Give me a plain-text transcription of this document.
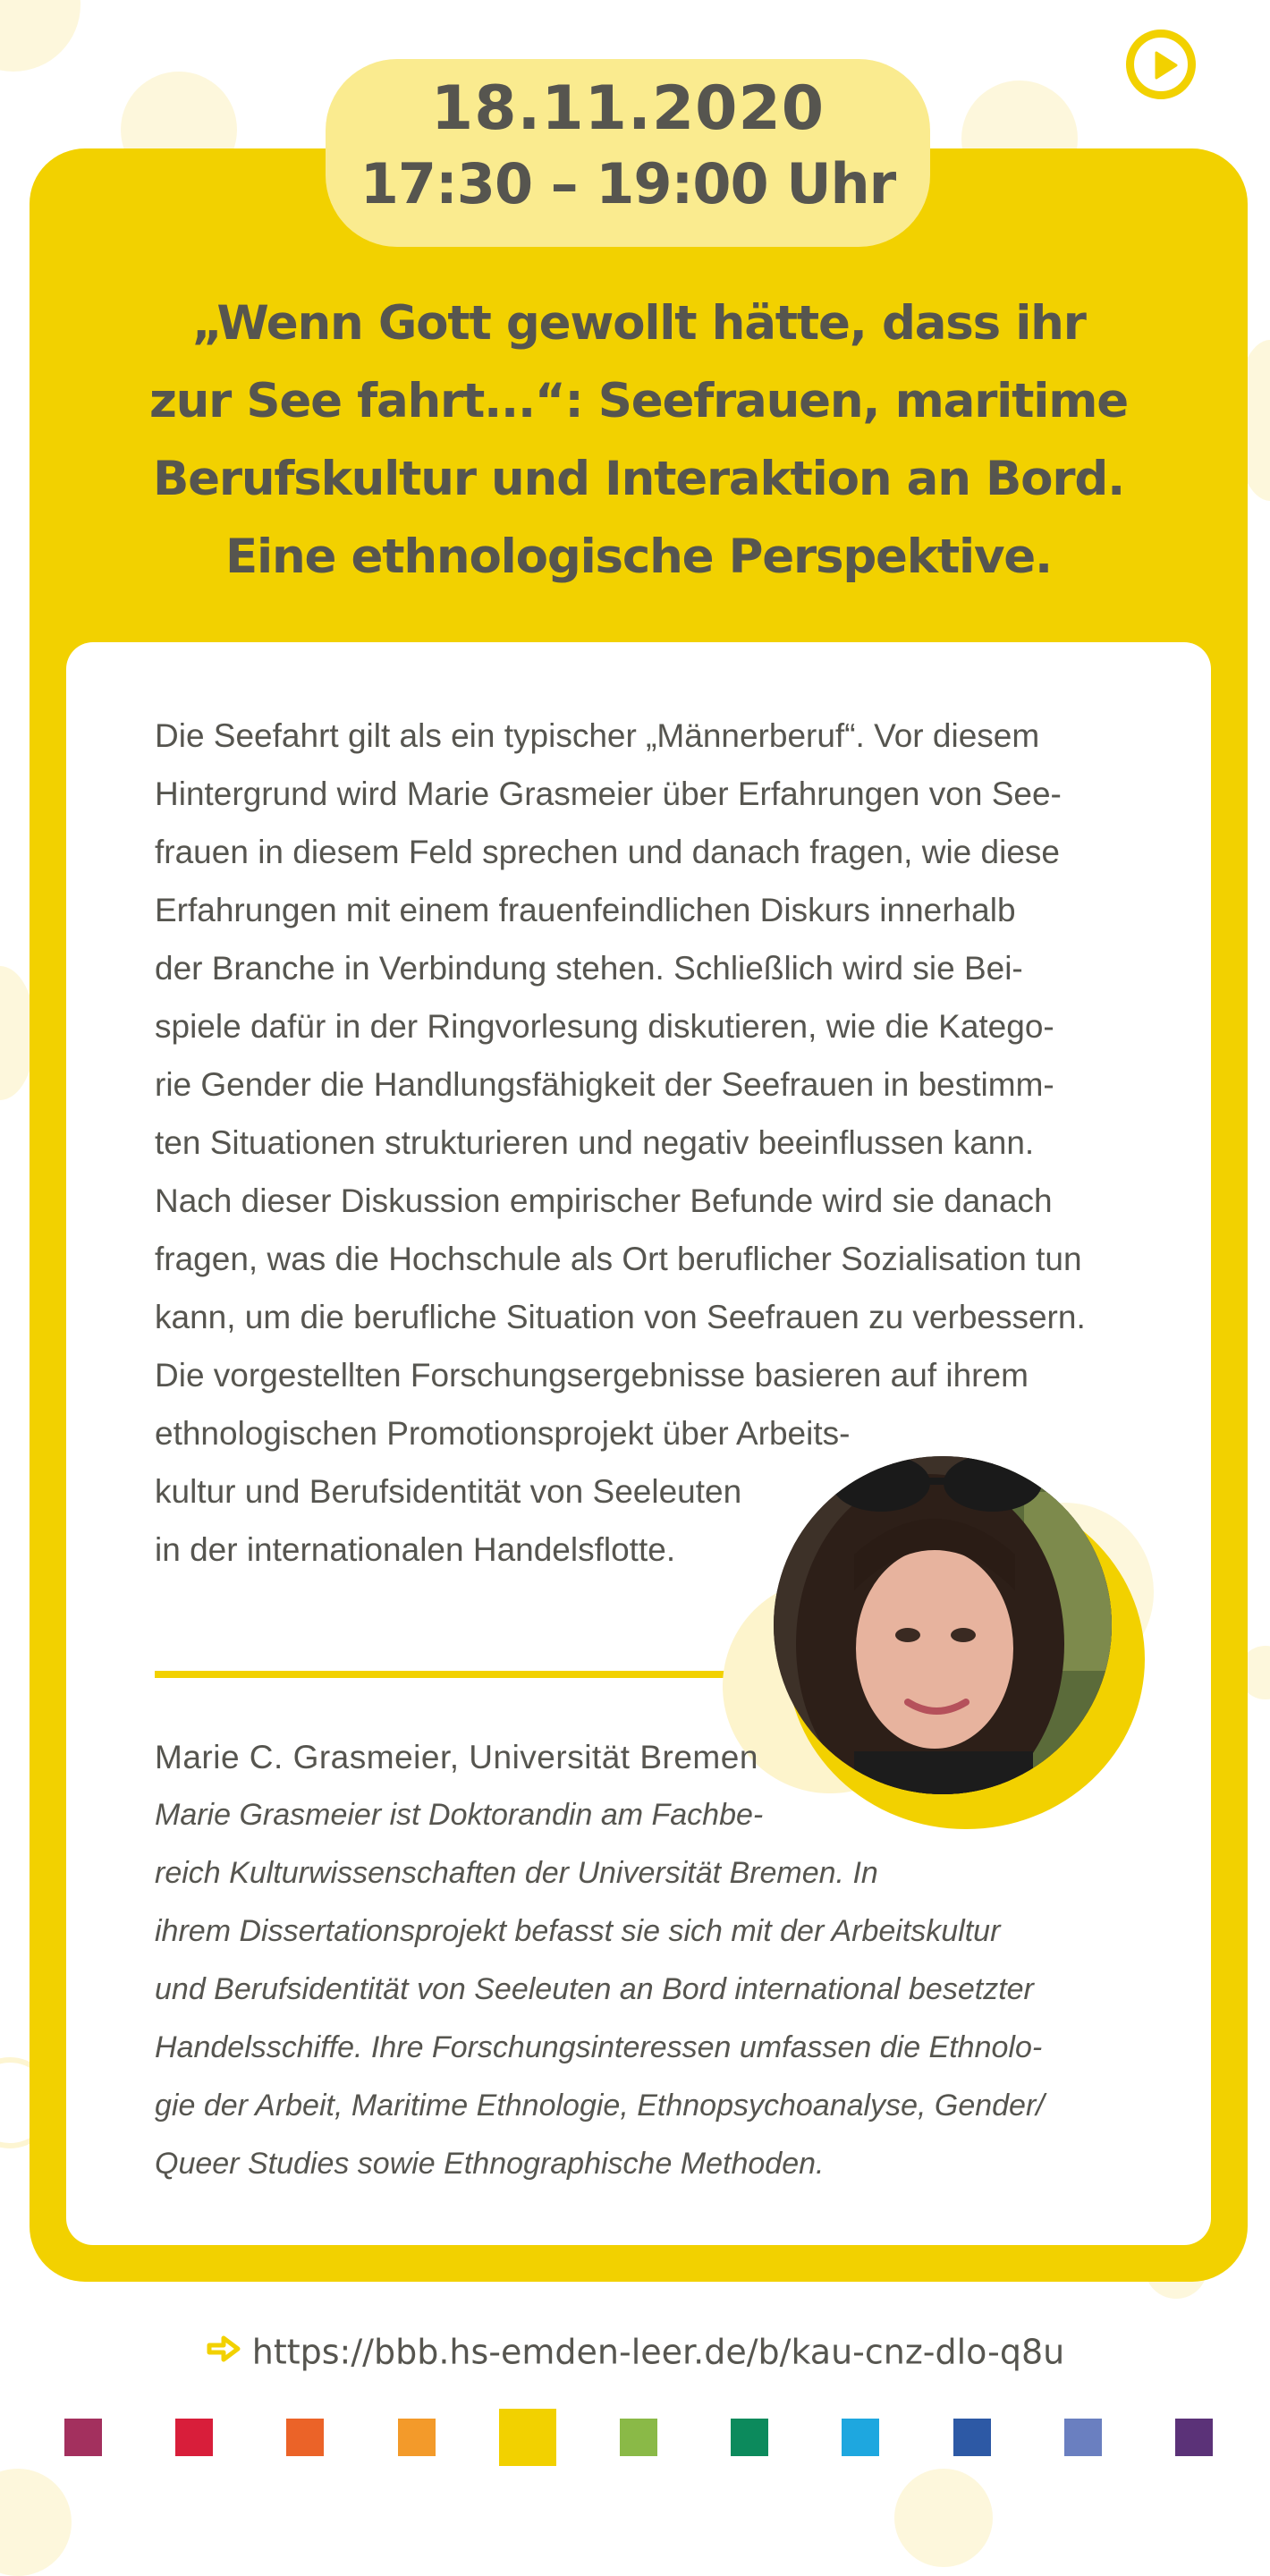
18.11.2020
17:30 – 19:00 Uhr
„Wenn Gott gewollt hätte, dass ihr
zur See fahrt...“: Seefrauen, maritime
Berufskultur und Interaktion an Bord.
Eine ethnologische Perspektive.
Die Seefahrt gilt als ein typischer „Männerberuf“. Vor diesem
Hintergrund wird Marie Grasmeier über Erfahrungen von See-
frauen in diesem Feld sprechen und danach fragen, wie diese
Erfahrungen mit einem frauenfeindlichen Diskurs innerhalb
der Branche in Verbindung stehen. Schließlich wird sie Bei-
spiele dafür in der Ringvorlesung diskutieren, wie die Katego-
rie Gender die Handlungsfähigkeit der Seefrauen in bestimm-
ten Situationen strukturieren und negativ beeinflussen kann.
Nach dieser Diskussion empirischer Befunde wird sie danach
fragen, was die Hochschule als Ort beruflicher Sozialisation tun
kann, um die berufliche Situation von Seefrauen zu verbessern.
Die vorgestellten Forschungsergebnisse basieren auf ihrem
ethnologischen Promotionsprojekt über Arbeits-
kultur und Berufsidentität von Seeleuten
in der internationalen Handelsflotte.
Marie C. Grasmeier, Universität Bremen
Marie Grasmeier ist Doktorandin am Fachbe-
reich Kulturwissenschaften der Universität Bremen. In
ihrem Dissertationsprojekt befasst sie sich mit der Arbeitskultur
und Berufsidentität von Seeleuten an Bord international besetzter
Handelsschiffe. Ihre Forschungsinteressen umfassen die Ethnolo-
gie der Arbeit, Maritime Ethnologie, Ethnopsychoanalyse, Gender/
Queer Studies sowie Ethnographische Methoden.
https://bbb.hs-emden-leer.de/b/kau-cnz-dlo-q8u
